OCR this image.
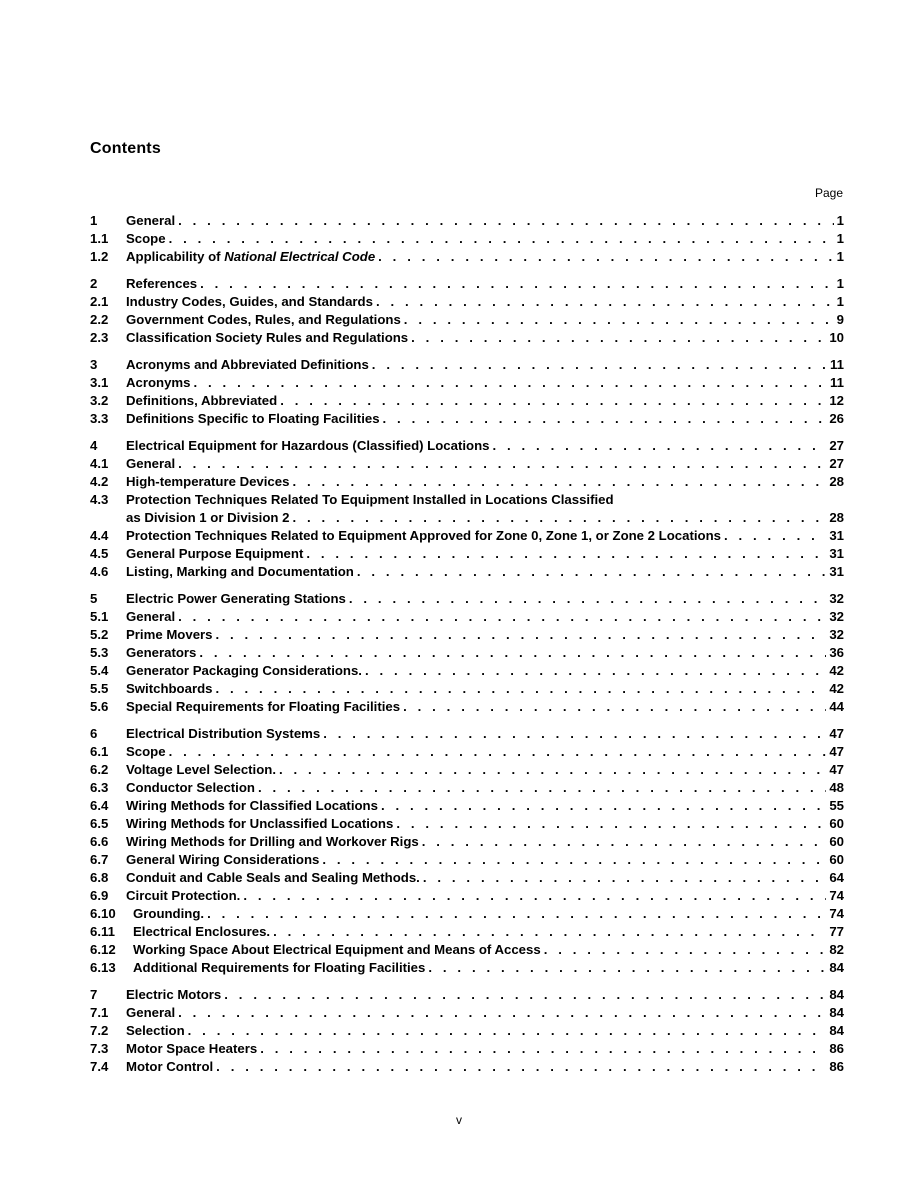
Contents
Page
1	General . . .	1
1.1	Scope . . .	1
1.2	Applicability of National Electrical Code . . .	1
2	References . . .	1
2.1	Industry Codes, Guides, and Standards . . .	1
2.2	Government Codes, Rules, and Regulations . . .	9
2.3	Classification Society Rules and Regulations . . .	10
3	Acronyms and Abbreviated Definitions . . .	11
3.1	Acronyms . . .	11
3.2	Definitions, Abbreviated . . .	12
3.3	Definitions Specific to Floating Facilities . . .	26
4	Electrical Equipment for Hazardous (Classified) Locations . . .	27
4.1	General . . .	27
4.2	High-temperature Devices . . .	28
4.3	Protection Techniques Related To Equipment Installed in Locations Classified
as Division 1 or Division 2 . . .	28
4.4	Protection Techniques Related to Equipment Approved for Zone 0, Zone 1, or Zone 2 Locations . . .	31
4.5	General Purpose Equipment . . .	31
4.6	Listing, Marking and Documentation . . .	31
5	Electric Power Generating Stations . . .	32
5.1	General . . .	32
5.2	Prime Movers . . .	32
5.3	Generators . . .	36
5.4	Generator Packaging Considerations. . . .	42
5.5	Switchboards . . .	42
5.6	Special Requirements for Floating Facilities . . .	44
6	Electrical Distribution Systems . . .	47
6.1	Scope . . .	47
6.2	Voltage Level Selection. . . .	47
6.3	Conductor Selection . . .	48
6.4	Wiring Methods for Classified Locations . . .	55
6.5	Wiring Methods for Unclassified Locations . . .	60
6.6	Wiring Methods for Drilling and Workover Rigs . . .	60
6.7	General Wiring Considerations . . .	60
6.8	Conduit and Cable Seals and Sealing Methods. . . .	64
6.9	Circuit Protection. . . .	74
6.10	Grounding. . . .	74
6.11	Electrical Enclosures. . . .	77
6.12	Working Space About Electrical Equipment and Means of Access . . .	82
6.13	Additional Requirements for Floating Facilities . . .	84
7	Electric Motors . . .	84
7.1	General . . .	84
7.2	Selection . . .	84
7.3	Motor Space Heaters . . .	86
7.4	Motor Control . . .	86
v
